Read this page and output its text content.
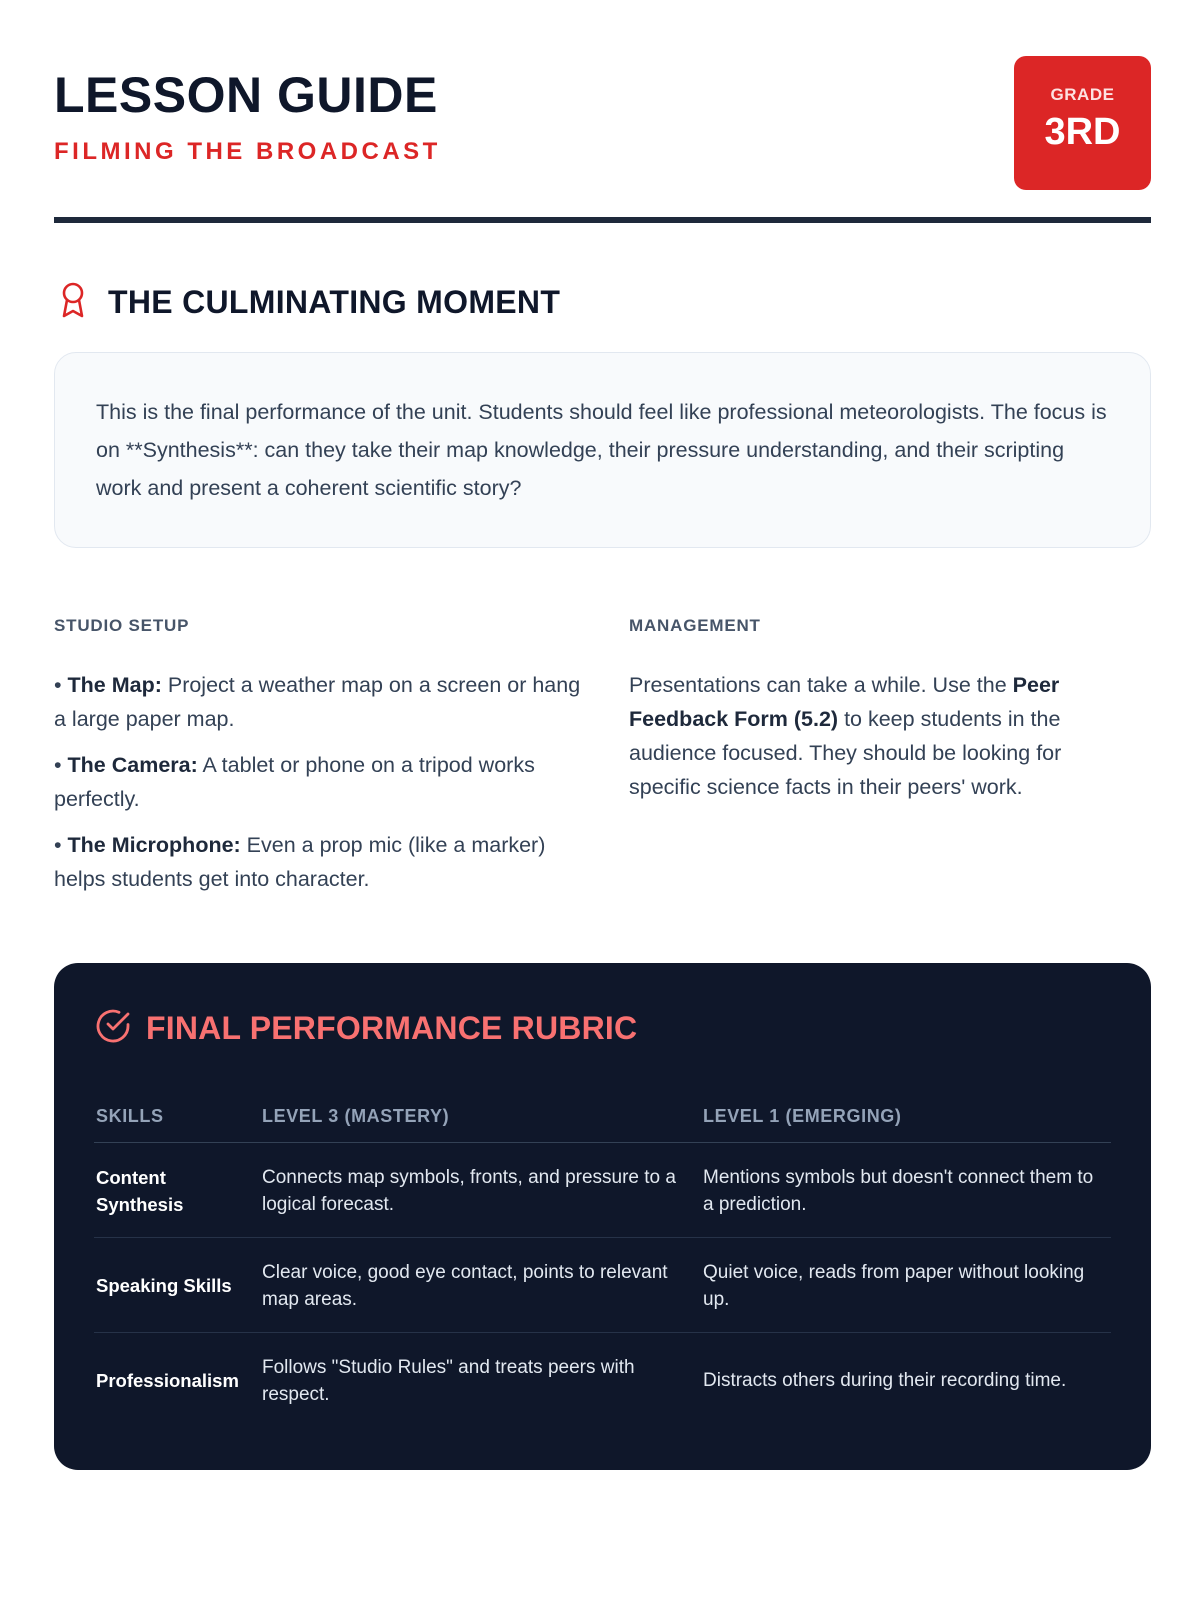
LESSON GUIDE
FILMING THE BROADCAST
GRADE
3RD
THE CULMINATING MOMENT

This is the final performance of the unit. Students should feel like professional meteorologists. The focus is on **Synthesis**: can they take their map knowledge, their pressure understanding, and their scripting work and present a coherent scientific story?

STUDIO SETUP
• The Map: Project a weather map on a screen or hang a large paper map.
• The Camera: A tablet or phone on a tripod works perfectly.
• The Microphone: Even a prop mic (like a marker) helps students get into character.
MANAGEMENT
Presentations can take a while. Use the Peer Feedback Form (5.2) to keep students in the audience focused. They should be looking for specific science facts in their peers' work.
FINAL PERFORMANCE RUBRIC
SKILLS	LEVEL 3 (MASTERY)	LEVEL 1 (EMERGING)
Content Synthesis
Connects map symbols, fronts, and pressure to a logical forecast.
Mentions symbols but doesn't connect them to a prediction.
Speaking Skills
Clear voice, good eye contact, points to relevant map areas.
Quiet voice, reads from paper without looking up.
Professionalism
Follows "Studio Rules" and treats peers with respect.
Distracts others during their recording time.
